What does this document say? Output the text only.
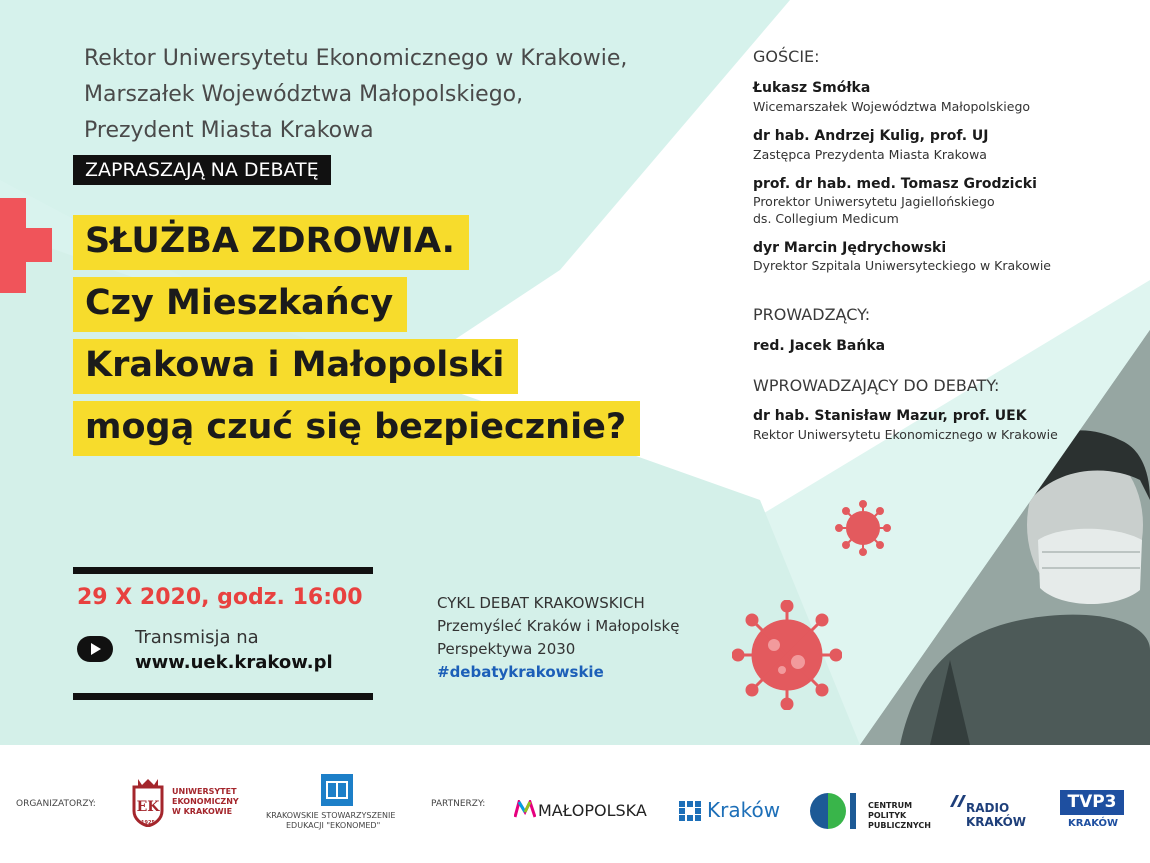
Rektor Uniwersytetu Ekonomicznego w Krakowie,
Marszałek Województwa Małopolskiego,
Prezydent Miasta Krakowa
ZAPRASZAJĄ NA DEBATĘ
SŁUŻBA ZDROWIA.
Czy Mieszkańcy
Krakowa i Małopolski
mogą czuć się bezpiecznie?
GOŚCIE:
Łukasz Smółka
Wicemarszałek Województwa Małopolskiego
dr hab. Andrzej Kulig, prof. UJ
Zastępca Prezydenta Miasta Krakowa
prof. dr hab. med. Tomasz Grodzicki
Prorektor Uniwersytetu Jagiellońskiego
ds. Collegium Medicum
dyr Marcin Jędrychowski
Dyrektor Szpitala Uniwersyteckiego w Krakowie
PROWADZĄCY:
red. Jacek Bańka
WPROWADZAJĄCY DO DEBATY:
dr hab. Stanisław Mazur, prof. UEK
Rektor Uniwersytetu Ekonomicznego w Krakowie
29 X 2020, godz. 16:00
Transmisja na
www.uek.krakow.pl
CYKL DEBAT KRAKOWSKICH
Przemyśleć Kraków i Małopolskę
Perspektywa 2030
#debatykrakowskie
ORGANIZATORZY:	EK
UNIWERSYTET
EKONOMICZNY
W KRAKOWIE
1925
KRAKOWSKIE STOWARZYSZENIE
EDUKACJI "EKONOMED"
PARTNERZY:	MAŁOPOLSKA	Kraków	CENTRUM
POLITYK
PUBLICZNYCH
RADIO
KRAKÓW
TVP3
KRAKÓW
